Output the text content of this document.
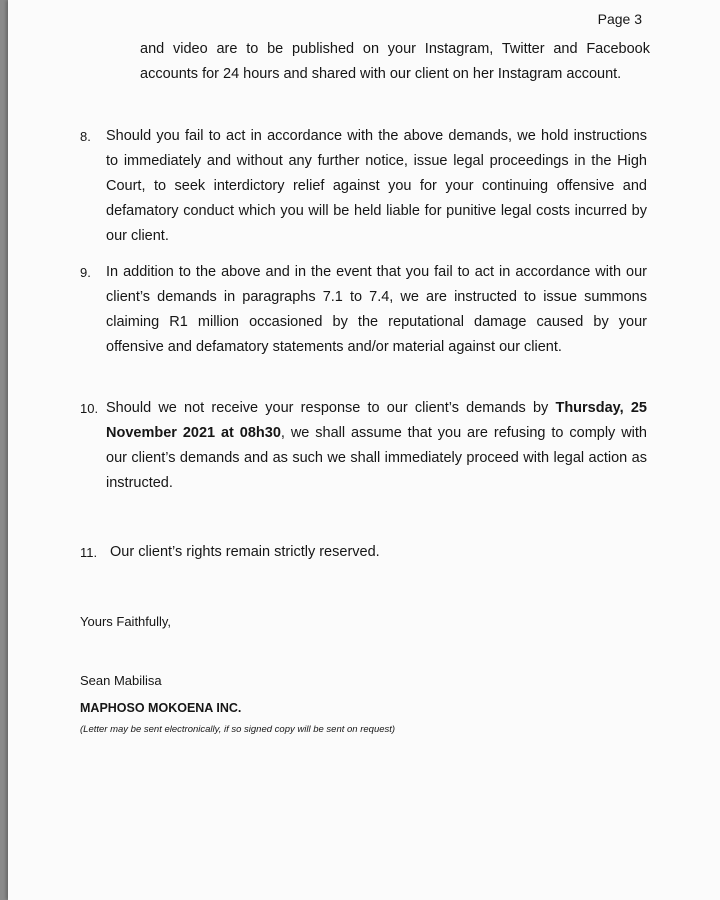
Page 3
and video are to be published on your Instagram, Twitter and Facebook accounts for 24 hours and shared with our client on her Instagram account.
8. Should you fail to act in accordance with the above demands, we hold instructions to immediately and without any further notice, issue legal proceedings in the High Court, to seek interdictory relief against you for your continuing offensive and defamatory conduct which you will be held liable for punitive legal costs incurred by our client.
9. In addition to the above and in the event that you fail to act in accordance with our client’s demands in paragraphs 7.1 to 7.4, we are instructed to issue summons claiming R1 million occasioned by the reputational damage caused by your offensive and defamatory statements and/or material against our client.
10. Should we not receive your response to our client’s demands by Thursday, 25 November 2021 at 08h30, we shall assume that you are refusing to comply with our client’s demands and as such we shall immediately proceed with legal action as instructed.
11. Our client’s rights remain strictly reserved.
Yours Faithfully,
Sean Mabilisa
MAPHOSO MOKOENA INC.
(Letter may be sent electronically, if so signed copy will be sent on request)
